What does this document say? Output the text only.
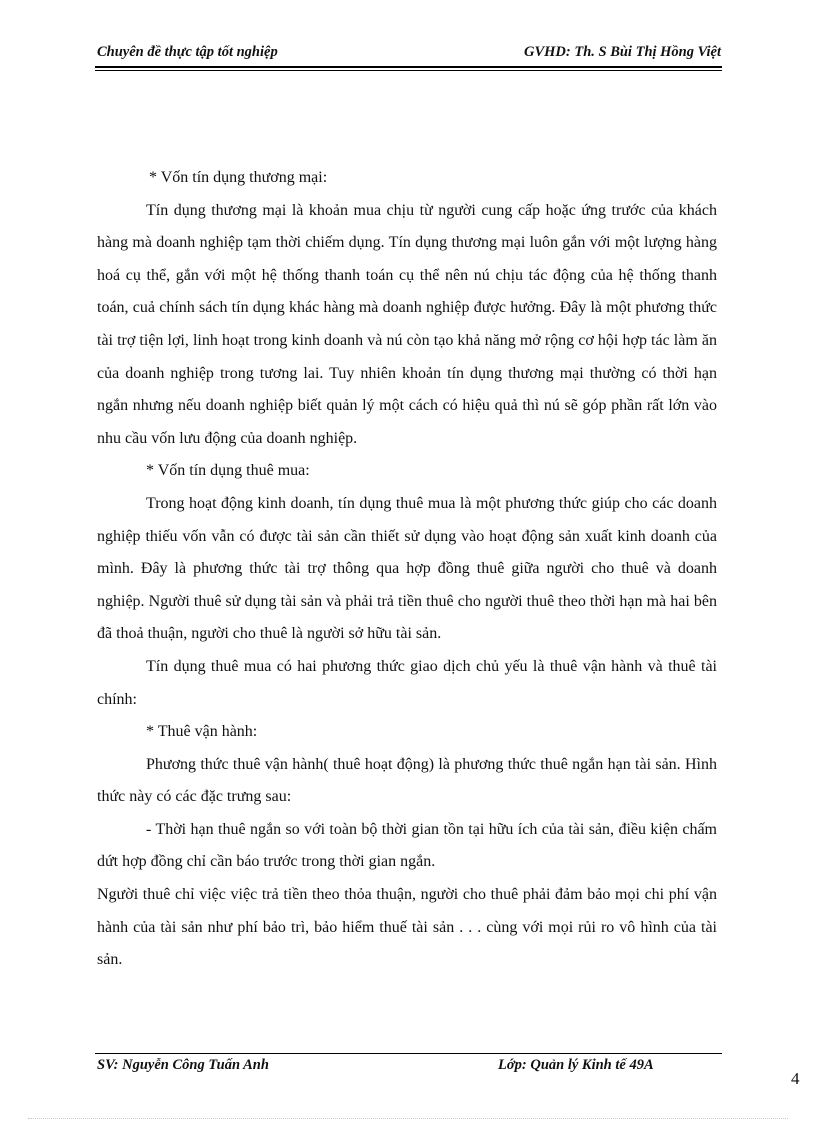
Chuyên đề thực tập tốt nghiệp	GVHD: Th. S Bùi Thị Hồng Việt

* Vốn tín dụng thương mại:

Tín dụng thương mại là khoản mua chịu từ người cung cấp hoặc ứng trước của khách hàng mà doanh nghiệp tạm thời chiếm dụng. Tín dụng thương mại luôn gắn với một lượng hàng hoá cụ thể, gắn với một hệ thống thanh toán cụ thể nên nú chịu tác động của hệ thống thanh toán, cuả chính sách tín dụng khác hàng mà doanh nghiệp được hưởng. Đây là một phương thức tài trợ tiện lợi, linh hoạt trong kinh doanh và nú còn tạo khả năng mở rộng cơ hội hợp tác làm ăn của doanh nghiệp trong tương lai. Tuy nhiên khoản tín dụng thương mại thường có thời hạn ngắn nhưng nếu doanh nghiệp biết quản lý một cách có hiệu quả thì nú sẽ góp phần rất lớn vào nhu cầu vốn lưu động của doanh nghiệp.

* Vốn tín dụng thuê mua:

Trong hoạt động kinh doanh, tín dụng thuê mua là một phương thức giúp cho các doanh nghiệp thiếu vốn vẫn có được tài sản cần thiết sử dụng vào hoạt động sản xuất kinh doanh của mình. Đây là phương thức tài trợ thông qua hợp đồng thuê giữa người cho thuê và doanh nghiệp. Người thuê sử dụng tài sản và phải trả tiền thuê cho người thuê theo thời hạn mà hai bên đã thoả thuận, người cho thuê là người sở hữu tài sản.

Tín dụng thuê mua có hai phương thức giao dịch chủ yếu là thuê vận hành và thuê tài chính:

* Thuê vận hành:

Phương thức thuê vận hành( thuê hoạt động) là phương thức thuê ngắn hạn tài sản. Hình thức này có các đặc trưng sau:

- Thời hạn thuê ngắn so với toàn bộ thời gian tồn tại hữu ích của tài sản, điều kiện chấm dứt hợp đồng chỉ cần báo trước trong thời gian ngắn.

Người thuê chỉ việc việc trả tiền theo thỏa thuận, người cho thuê phải đảm bảo mọi chi phí vận hành của tài sản như phí bảo trì, bảo hiểm thuế tài sản . . . cùng với mọi rủi ro vô hình của tài sản.

SV: Nguyễn Công Tuấn Anh	Lớp: Quản lý Kinh tế 49A
4
